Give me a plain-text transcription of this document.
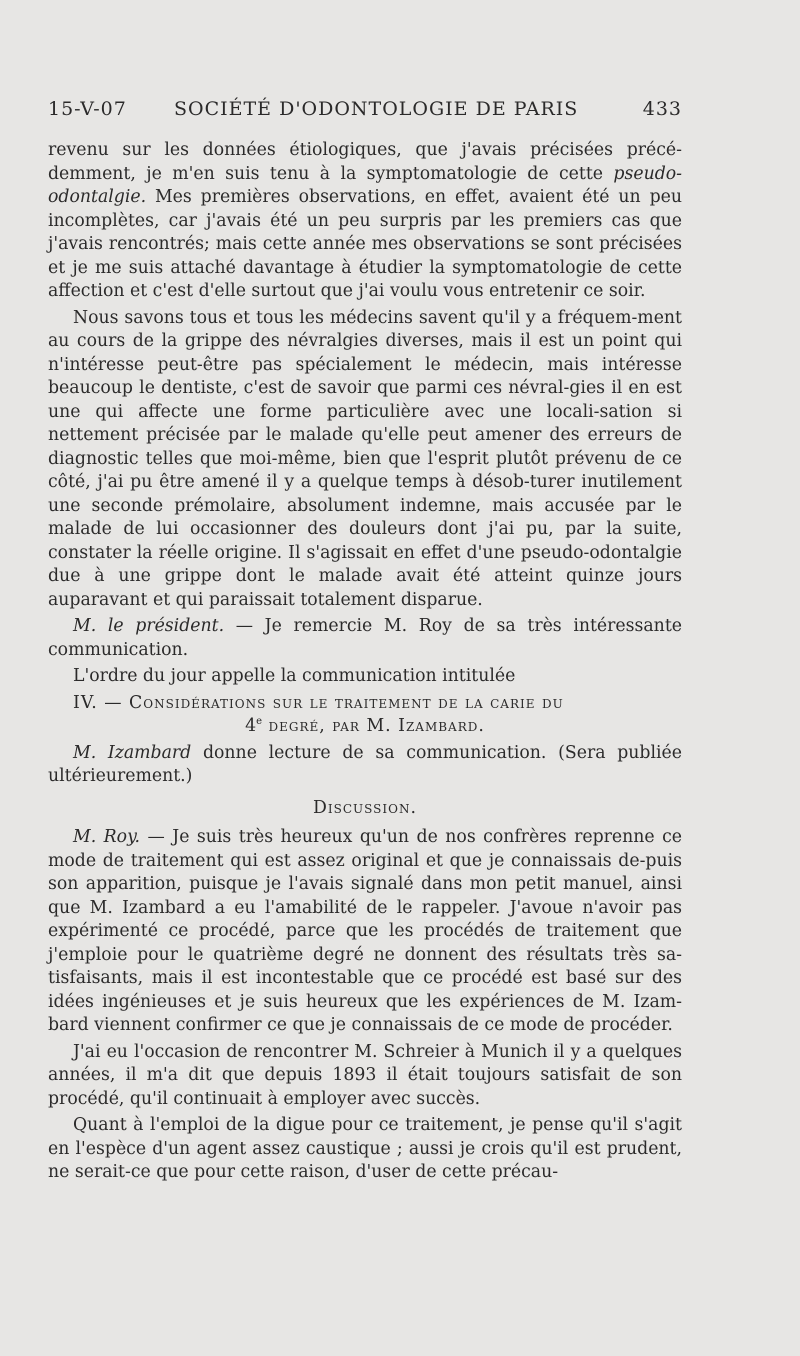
15-V-07 SOCIÉTÉ D'ODONTOLOGIE DE PARIS	433

revenu sur les données étiologiques, que j'avais précisées précé-demment, je m'en suis tenu à la symptomatologie de cette pseudo-odontalgie. Mes premières observations, en effet, avaient été un peu incomplètes, car j'avais été un peu surpris par les premiers cas que j'avais rencontrés; mais cette année mes observations se sont précisées et je me suis attaché davantage à étudier la symptomatologie de cette affection et c'est d'elle surtout que j'ai voulu vous entretenir ce soir.

Nous savons tous et tous les médecins savent qu'il y a fréquem-ment au cours de la grippe des névralgies diverses, mais il est un point qui n'intéresse peut-être pas spécialement le médecin, mais intéresse beaucoup le dentiste, c'est de savoir que parmi ces névral-gies il en est une qui affecte une forme particulière avec une locali-sation si nettement précisée par le malade qu'elle peut amener des erreurs de diagnostic telles que moi-même, bien que l'esprit plutôt prévenu de ce côté, j'ai pu être amené il y a quelque temps à désob-turer inutilement une seconde prémolaire, absolument indemne, mais accusée par le malade de lui occasionner des douleurs dont j'ai pu, par la suite, constater la réelle origine. Il s'agissait en effet d'une pseudo-odontalgie due à une grippe dont le malade avait été atteint quinze jours auparavant et qui paraissait totalement disparue.

M. le président. — Je remercie M. Roy de sa très intéressante communication.

L'ordre du jour appelle la communication intitulée

IV. — Considérations sur le traitement de la carie du

4e degré, par M. Izambard.

M. Izambard donne lecture de sa communication. (Sera publiée ultérieurement.)

Discussion.

M. Roy. — Je suis très heureux qu'un de nos confrères reprenne ce mode de traitement qui est assez original et que je connaissais de-puis son apparition, puisque je l'avais signalé dans mon petit manuel, ainsi que M. Izambard a eu l'amabilité de le rappeler. J'avoue n'avoir pas expérimenté ce procédé, parce que les procédés de traitement que j'emploie pour le quatrième degré ne donnent des résultats très sa-tisfaisants, mais il est incontestable que ce procédé est basé sur des idées ingénieuses et je suis heureux que les expériences de M. Izam-bard viennent confirmer ce que je connaissais de ce mode de procéder.

J'ai eu l'occasion de rencontrer M. Schreier à Munich il y a quelques années, il m'a dit que depuis 1893 il était toujours satisfait de son procédé, qu'il continuait à employer avec succès.

Quant à l'emploi de la digue pour ce traitement, je pense qu'il s'agit en l'espèce d'un agent assez caustique ; aussi je crois qu'il est prudent, ne serait-ce que pour cette raison, d'user de cette précau-
